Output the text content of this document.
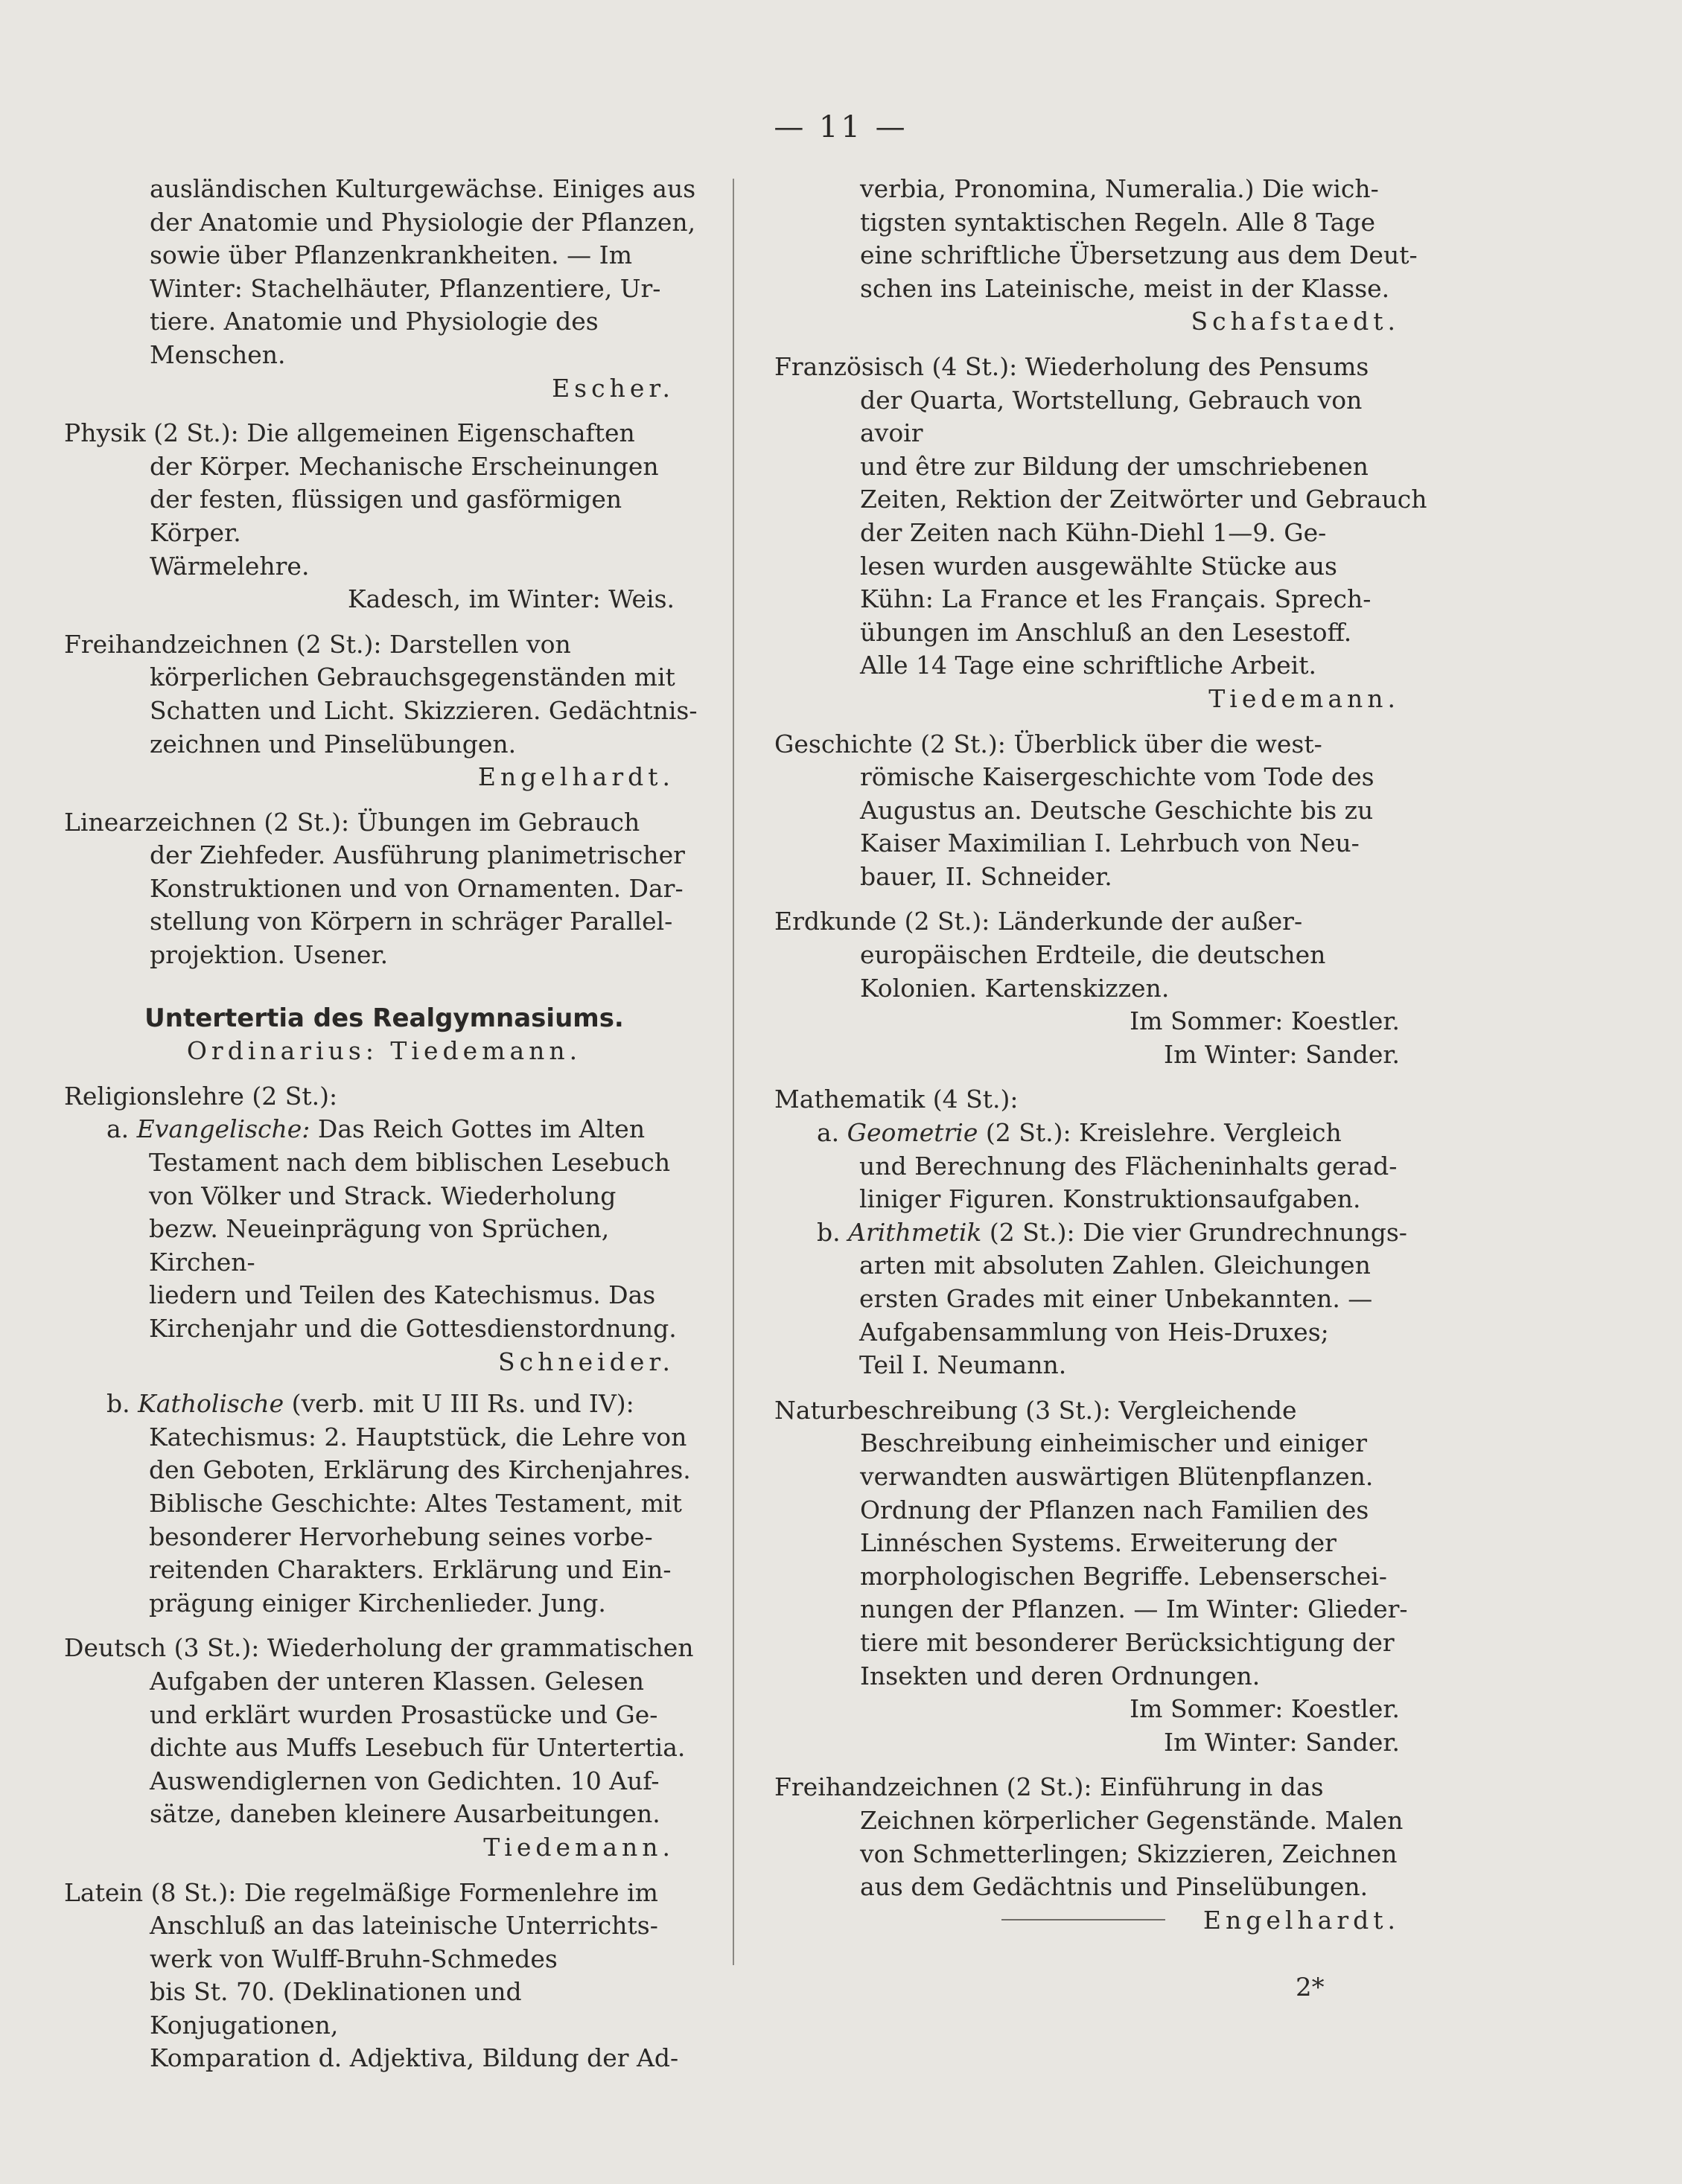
— 11 —
ausländischen Kulturgewächse. Einiges aus
der Anatomie und Physiologie der Pflanzen,
sowie über Pflanzenkrankheiten. — Im
Winter: Stachelhäuter, Pflanzentiere, Ur-
tiere. Anatomie und Physiologie des
Menschen.
Escher.
Physik (2 St.): Die allgemeinen Eigenschaften
der Körper. Mechanische Erscheinungen
der festen, flüssigen und gasförmigen Körper.
Wärmelehre.
Kadesch, im Winter: Weis.
Freihandzeichnen (2 St.): Darstellen von
körperlichen Gebrauchsgegenständen mit
Schatten und Licht. Skizzieren. Gedächtnis-
zeichnen und Pinselübungen.
Engelhardt.
Linearzeichnen (2 St.): Übungen im Gebrauch
der Ziehfeder. Ausführung planimetrischer
Konstruktionen und von Ornamenten. Dar-
stellung von Körpern in schräger Parallel-
projektion. Usener.
Untertertia des Realgymnasiums.
Ordinarius: Tiedemann.
Religionslehre (2 St.):
a. Evangelische: Das Reich Gottes im Alten
Testament nach dem biblischen Lesebuch
von Völker und Strack. Wiederholung
bezw. Neueinprägung von Sprüchen, Kirchen-
liedern und Teilen des Katechismus. Das
Kirchenjahr und die Gottesdienstordnung.
Schneider.
b. Katholische (verb. mit U III Rs. und IV):
Katechismus: 2. Hauptstück, die Lehre von
den Geboten, Erklärung des Kirchenjahres.
Biblische Geschichte: Altes Testament, mit
besonderer Hervorhebung seines vorbe-
reitenden Charakters. Erklärung und Ein-
prägung einiger Kirchenlieder. Jung.
Deutsch (3 St.): Wiederholung der grammatischen
Aufgaben der unteren Klassen. Gelesen
und erklärt wurden Prosastücke und Ge-
dichte aus Muffs Lesebuch für Untertertia.
Auswendiglernen von Gedichten. 10 Auf-
sätze, daneben kleinere Ausarbeitungen.
Tiedemann.
Latein (8 St.): Die regelmäßige Formenlehre im
Anschluß an das lateinische Unterrichts-
werk von Wulff-Bruhn-Schmedes
bis St. 70. (Deklinationen und Konjugationen,
Komparation d. Adjektiva, Bildung der Ad-
verbia, Pronomina, Numeralia.) Die wich-
tigsten syntaktischen Regeln. Alle 8 Tage
eine schriftliche Übersetzung aus dem Deut-
schen ins Lateinische, meist in der Klasse.
Schafstaedt.
Französisch (4 St.): Wiederholung des Pensums
der Quarta, Wortstellung, Gebrauch von avoir
und être zur Bildung der umschriebenen
Zeiten, Rektion der Zeitwörter und Gebrauch
der Zeiten nach Kühn-Diehl 1—9. Ge-
lesen wurden ausgewählte Stücke aus
Kühn: La France et les Français. Sprech-
übungen im Anschluß an den Lesestoff.
Alle 14 Tage eine schriftliche Arbeit.
Tiedemann.
Geschichte (2 St.): Überblick über die west-
römische Kaisergeschichte vom Tode des
Augustus an. Deutsche Geschichte bis zu
Kaiser Maximilian I. Lehrbuch von Neu-
bauer, II. Schneider.
Erdkunde (2 St.): Länderkunde der außer-
europäischen Erdteile, die deutschen
Kolonien. Kartenskizzen.
Im Sommer: Koestler.
Im Winter: Sander.
Mathematik (4 St.):
a. Geometrie (2 St.): Kreislehre. Vergleich
und Berechnung des Flächeninhalts gerad-
liniger Figuren. Konstruktionsaufgaben.
b. Arithmetik (2 St.): Die vier Grundrechnungs-
arten mit absoluten Zahlen. Gleichungen
ersten Grades mit einer Unbekannten. —
Aufgabensammlung von Heis-Druxes;
Teil I. Neumann.
Naturbeschreibung (3 St.): Vergleichende
Beschreibung einheimischer und einiger
verwandten auswärtigen Blütenpflanzen.
Ordnung der Pflanzen nach Familien des
Linnéschen Systems. Erweiterung der
morphologischen Begriffe. Lebenserschei-
nungen der Pflanzen. — Im Winter: Glieder-
tiere mit besonderer Berücksichtigung der
Insekten und deren Ordnungen.
Im Sommer: Koestler.
Im Winter: Sander.
Freihandzeichnen (2 St.): Einführung in das
Zeichnen körperlicher Gegenstände. Malen
von Schmetterlingen; Skizzieren, Zeichnen
aus dem Gedächtnis und Pinselübungen.
Engelhardt.
2*
